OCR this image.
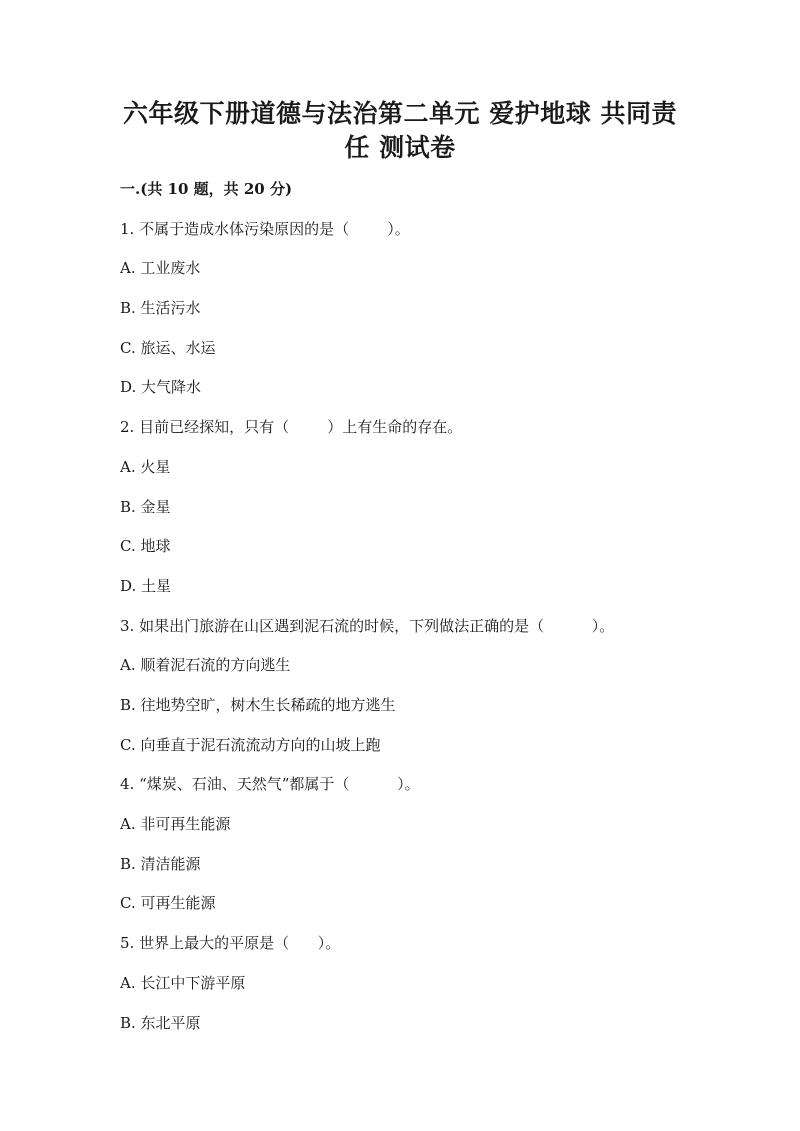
六年级下册道德与法治第二单元 爱护地球 共同责
任 测试卷
一.(共 10 题，共 20 分)
1. 不属于造成水体污染原因的是（        ）。
A. 工业废水
B. 生活污水
C. 旅运、水运
D. 大气降水
2. 目前已经探知，只有（        ）上有生命的存在。
A. 火星
B. 金星
C. 地球
D. 土星
3. 如果出门旅游在山区遇到泥石流的时候，下列做法正确的是（          ）。
A. 顺着泥石流的方向逃生
B. 往地势空旷，树木生长稀疏的地方逃生
C. 向垂直于泥石流流动方向的山坡上跑
4. “煤炭、石油、天然气”都属于（          ）。
A. 非可再生能源
B. 清洁能源
C. 可再生能源
5. 世界上最大的平原是（      ）。
A. 长江中下游平原
B. 东北平原
